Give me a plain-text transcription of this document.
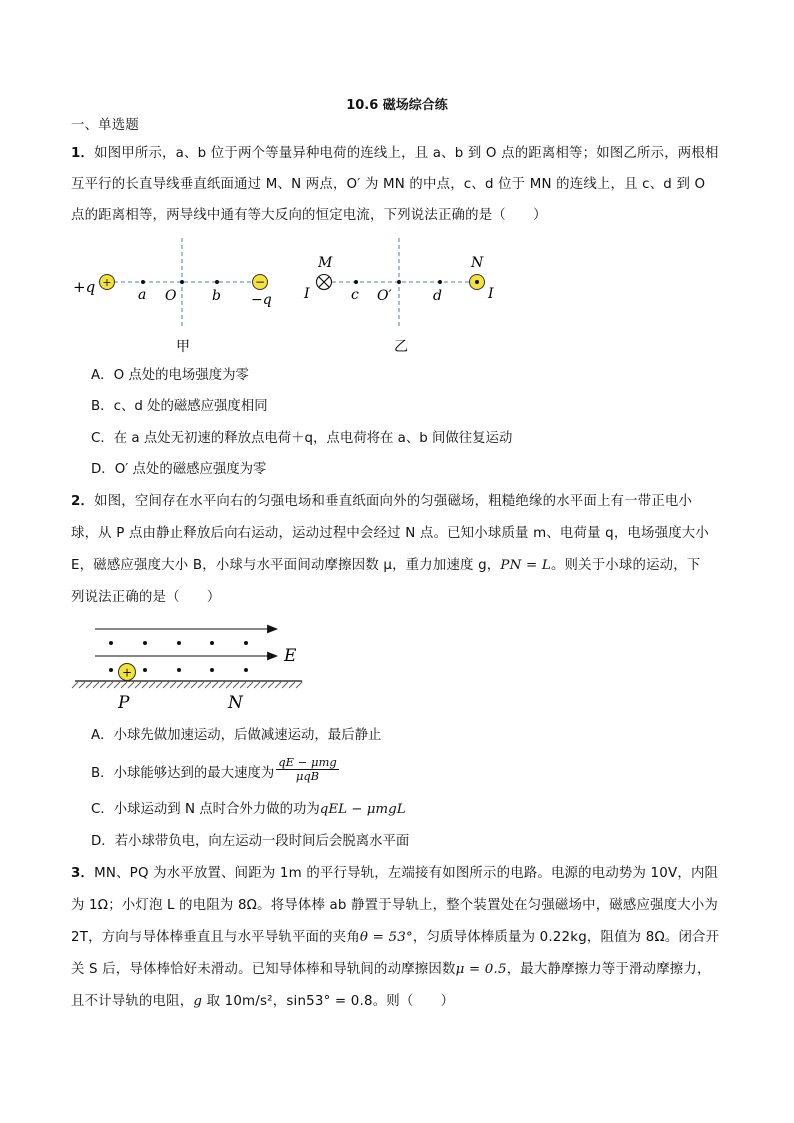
10.6 磁场综合练
一、单选题
1．如图甲所示，a、b 位于两个等量异种电荷的连线上，且 a、b 到 O 点的距离相等；如图乙所示，两根相
互平行的长直导线垂直纸面通过 M、N 两点，O′ 为 MN 的中点，c、d 位于 MN 的连线上，且 c、d 到 O
点的距离相等，两导线中通有等大反向的恒定电流，下列说法正确的是（　　）
+	−
+q	a O	b −q
甲
M	N
I	I
c O′	d
乙
A．O 点处的电场强度为零
B．c、d 处的磁感应强度相同
C．在 a 点处无初速的释放点电荷＋q，点电荷将在 a、b 间做往复运动
D．O′ 点处的磁感应强度为零
2．如图，空间存在水平向右的匀强电场和垂直纸面向外的匀强磁场，粗糙绝缘的水平面上有一带正电小
球，从 P 点由静止释放后向右运动，运动过程中会经过 N 点。已知小球质量 m、电荷量 q，电场强度大小
E，磁感应强度大小 B，小球与水平面间动摩擦因数 μ，重力加速度 g，PN = L。则关于小球的运动，下
列说法正确的是（　　）
E
+
P	N
A．小球先做加速运动，后做减速运动，最后静止
B．小球能够达到的最大速度为 $\frac{\text{qE − μmg}}{\text{μqB}}$
C．小球运动到 N 点时合外力做的功为qEL − μmgL
D．若小球带负电，向左运动一段时间后会脱离水平面
3．MN、PQ 为水平放置、间距为 1m 的平行导轨，左端接有如图所示的电路。电源的电动势为 10V，内阻
为 1Ω；小灯泡 L 的电阻为 8Ω。将导体棒 ab 静置于导轨上，整个装置处在匀强磁场中，磁感应强度大小为
2T，方向与导体棒垂直且与水平导轨平面的夹角θ = 53°，匀质导体棒质量为 0.22kg，阻值为 8Ω。闭合开
关 S 后，导体棒恰好未滑动。已知导体棒和导轨间的动摩擦因数μ = 0.5，最大静摩擦力等于滑动摩擦力，
且不计导轨的电阻，g 取 10m/s²，sin53° = 0.8。则（　　）
